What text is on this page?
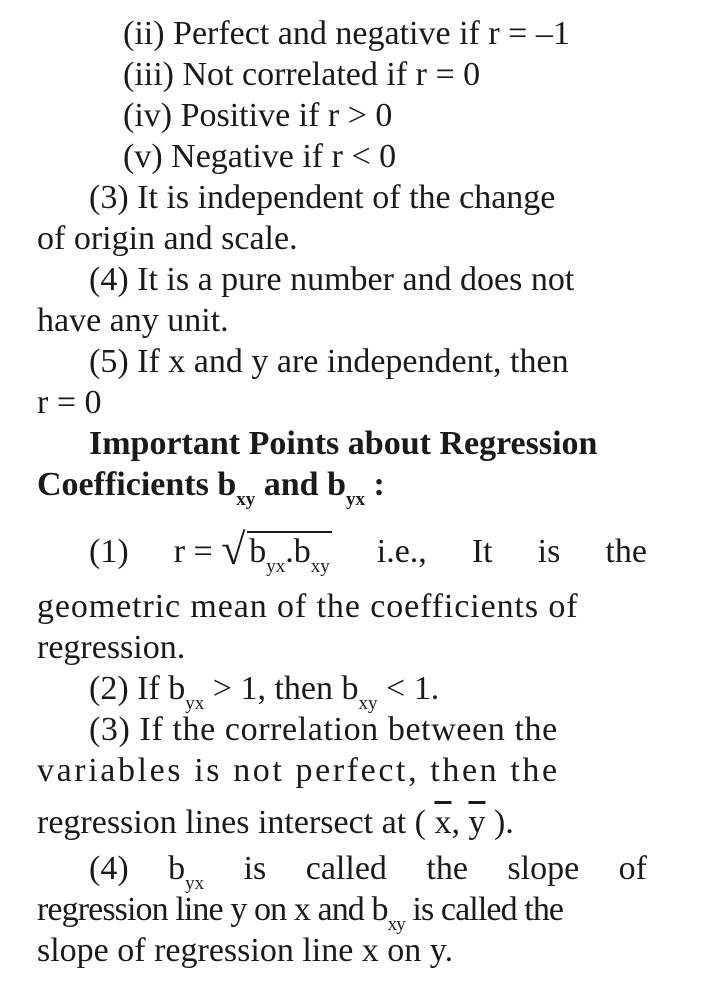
(ii) Perfect and negative if r = –1
(iii) Not correlated if r = 0
(iv) Positive if r > 0
(v) Negative if r < 0
(3) It is independent of the change
of origin and scale.
(4) It is a pure number and does not
have any unit.
(5) If x and y are independent, then
r = 0
Important Points about Regression
Coefficients $b_{xy}$ and $b_{yx}$ :
(1) r = √ $b_{yx}.b_{xy}$ i.e., It is the
geometric mean of the coefficients of
regression.
(2) If $b_{yx} > 1$, then $b_{xy} < 1$.
(3) If the correlation between the
variables is not perfect, then the
regression lines intersect at ( $\overline{x}$, $\overline{y}$ ).
(4) $b_{yx}$ is called the slope of
regression line y on x and $b_{xy}$ is called the
slope of regression line x on y.
